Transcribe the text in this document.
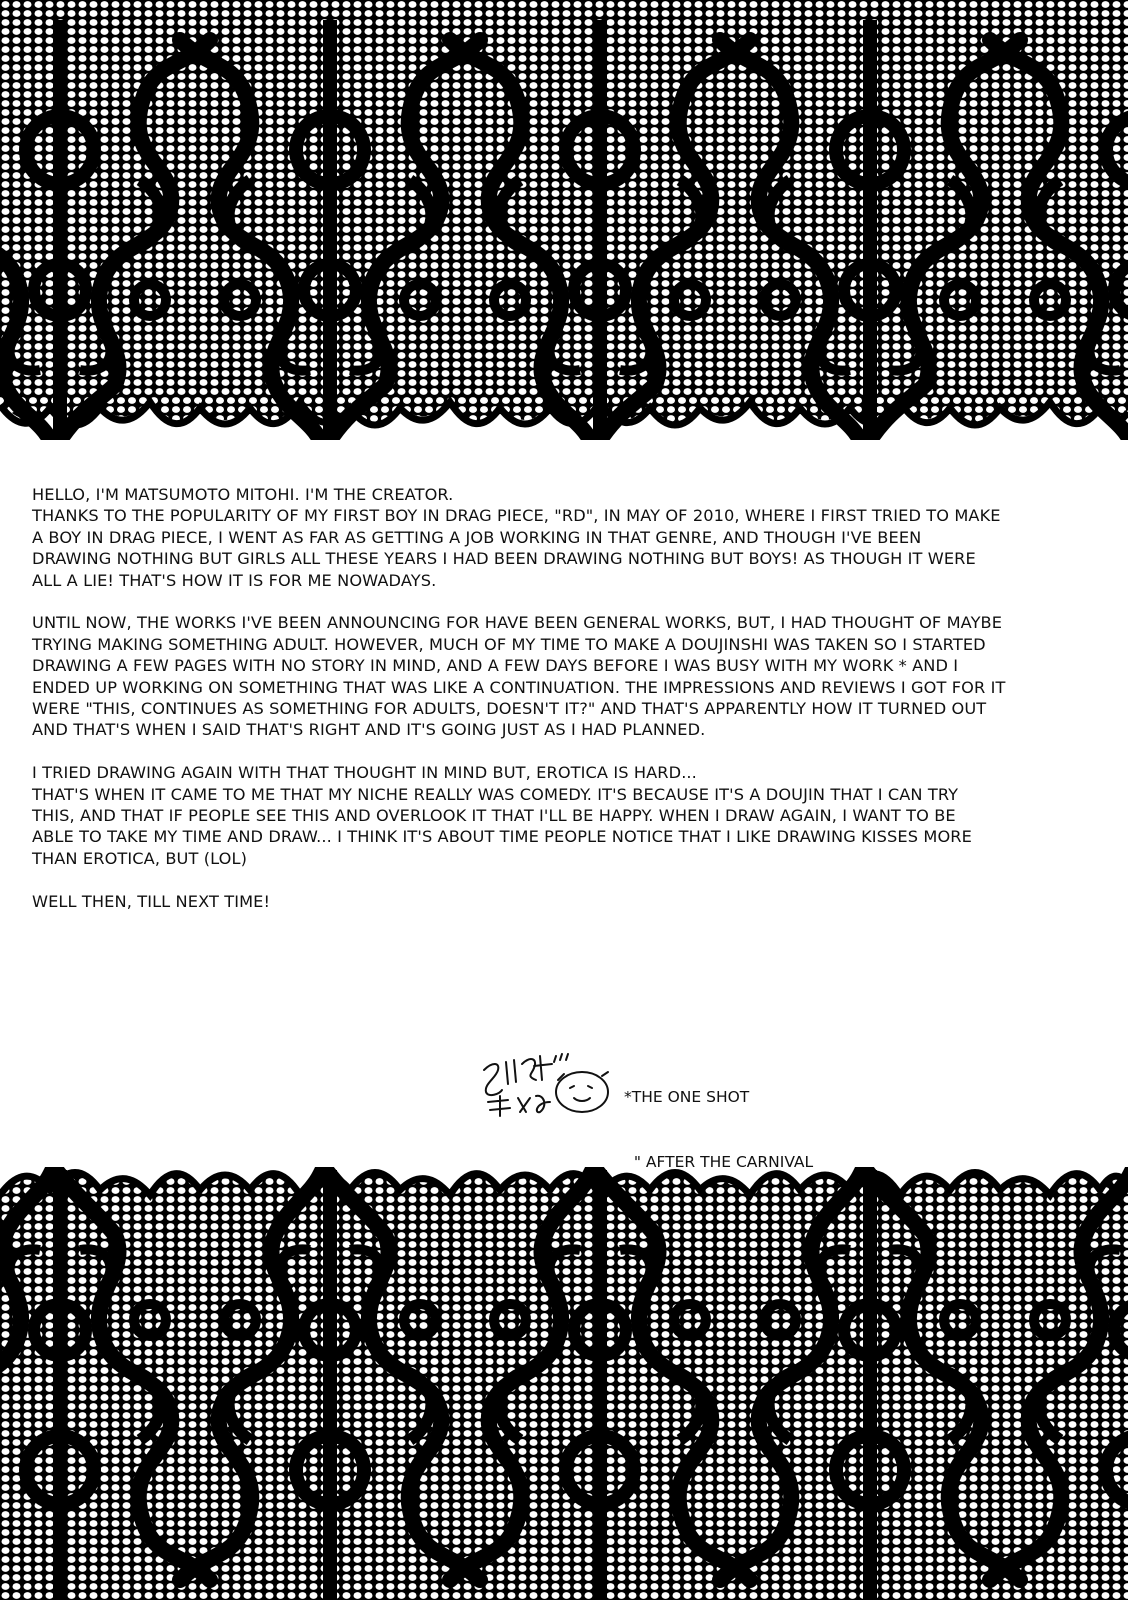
HELLO, I'M MATSUMOTO MITOHI. I'M THE CREATOR.
THANKS TO THE POPULARITY OF MY FIRST BOY IN DRAG PIECE, "RD", IN MAY OF 2010, WHERE I FIRST TRIED TO MAKE
A BOY IN DRAG PIECE, I WENT AS FAR AS GETTING A JOB WORKING IN THAT GENRE, AND THOUGH I'VE BEEN
DRAWING NOTHING BUT GIRLS ALL THESE YEARS I HAD BEEN DRAWING NOTHING BUT BOYS! AS THOUGH IT WERE
ALL A LIE! THAT'S HOW IT IS FOR ME NOWADAYS.

UNTIL NOW, THE WORKS I'VE BEEN ANNOUNCING FOR HAVE BEEN GENERAL WORKS, BUT, I HAD THOUGHT OF MAYBE
TRYING MAKING SOMETHING ADULT. HOWEVER, MUCH OF MY TIME TO MAKE A DOUJINSHI WAS TAKEN SO I STARTED
DRAWING A FEW PAGES WITH NO STORY IN MIND, AND A FEW DAYS BEFORE I WAS BUSY WITH MY WORK * AND I
ENDED UP WORKING ON SOMETHING THAT WAS LIKE A CONTINUATION. THE IMPRESSIONS AND REVIEWS I GOT FOR IT
WERE "THIS, CONTINUES AS SOMETHING FOR ADULTS, DOESN'T IT?" AND THAT'S APPARENTLY HOW IT TURNED OUT
AND THAT'S WHEN I SAID THAT'S RIGHT AND IT'S GOING JUST AS I HAD PLANNED.

I TRIED DRAWING AGAIN WITH THAT THOUGHT IN MIND BUT, EROTICA IS HARD...
THAT'S WHEN IT CAME TO ME THAT MY NICHE REALLY WAS COMEDY. IT'S BECAUSE IT'S A DOUJIN THAT I CAN TRY
THIS, AND THAT IF PEOPLE SEE THIS AND OVERLOOK IT THAT I'LL BE HAPPY. WHEN I DRAW AGAIN, I WANT TO BE
ABLE TO TAKE MY TIME AND DRAW... I THINK IT'S ABOUT TIME PEOPLE NOTICE THAT I LIKE DRAWING KISSES MORE
THAN EROTICA, BUT (LOL)

WELL THEN, TILL NEXT TIME!

*THE ONE SHOT

" AFTER THE CARNIVAL
